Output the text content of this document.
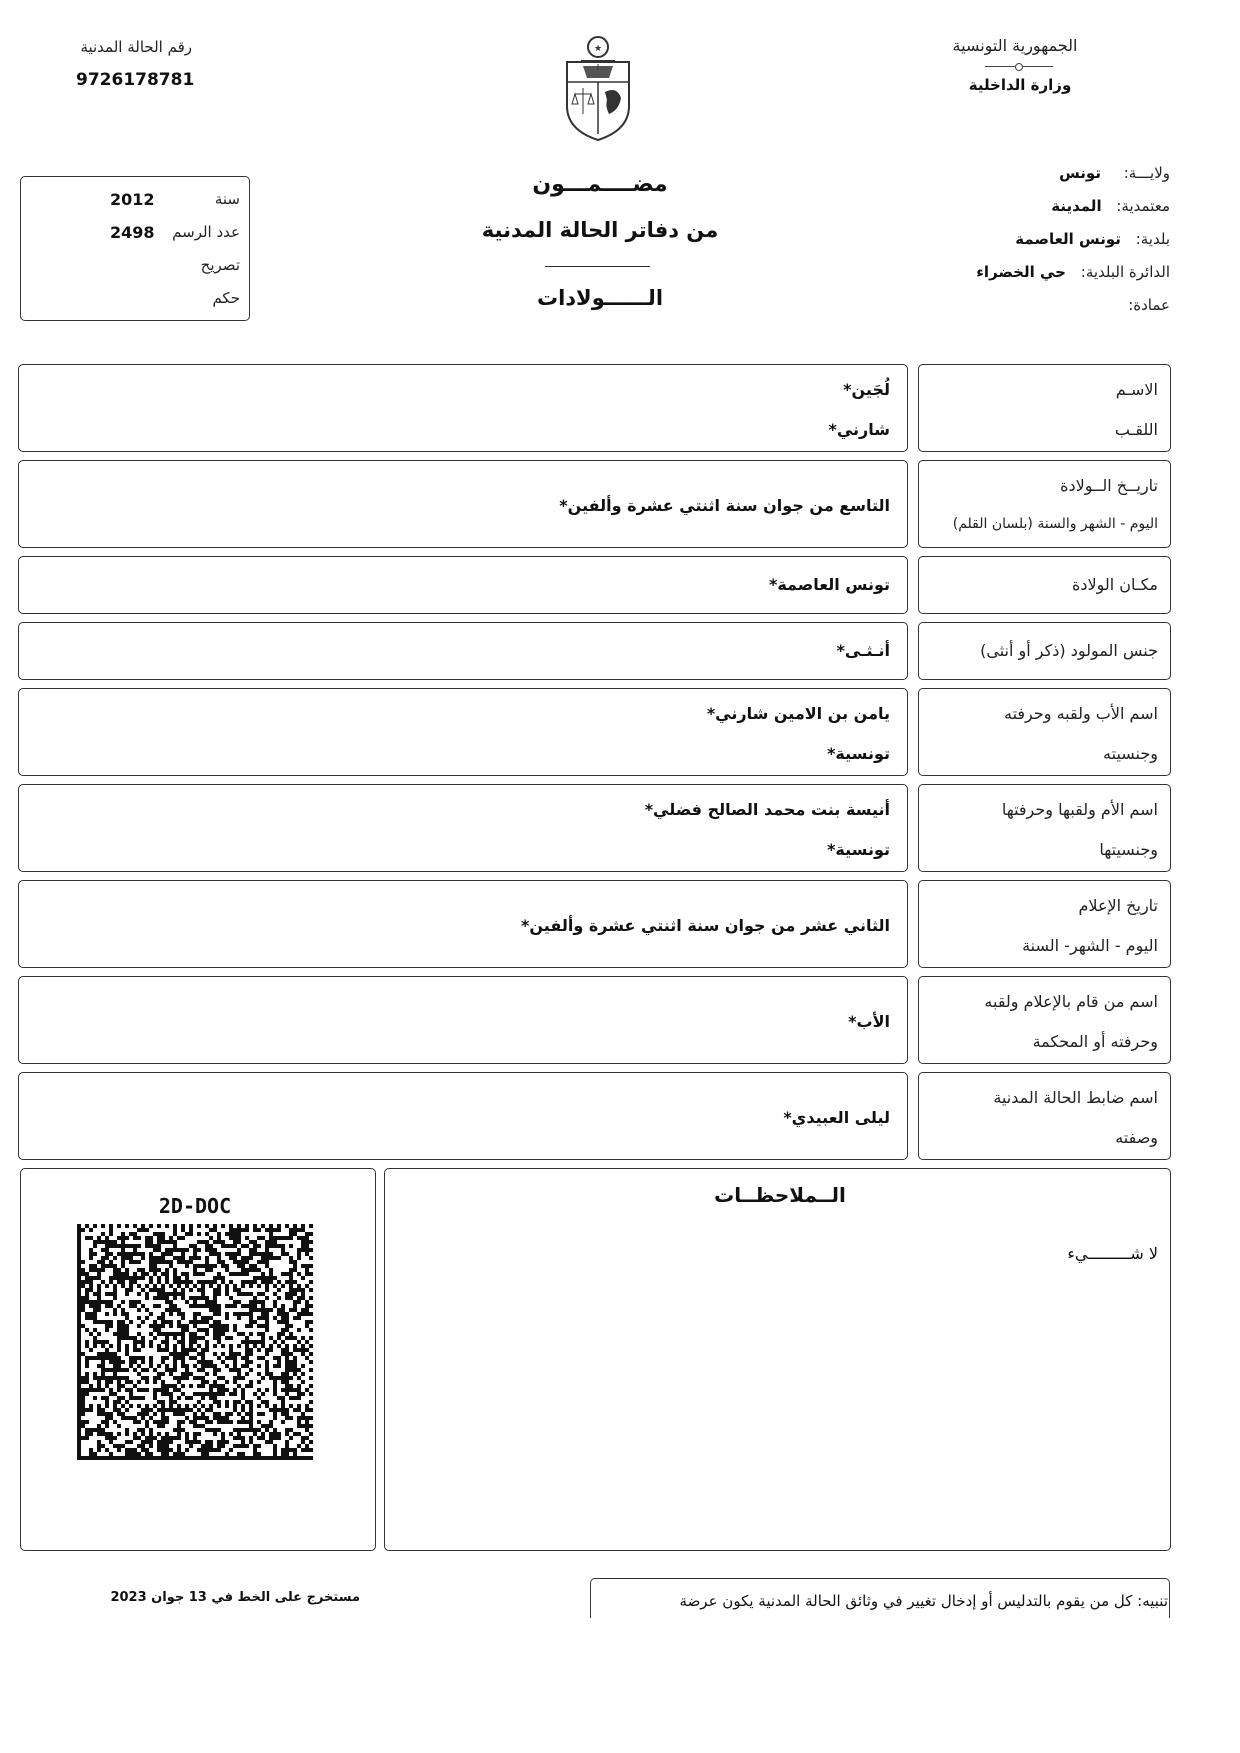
رقم الحالة المدنية
9726178781
الجمهورية التونسية
وزارة الداخلية
★
سنة
2012
عدد الرسم
2498
تصريح
حكم
مضــــمـــون
من دفاتر الحالة المدنية
الــــــولادات
ولايـــة: تونس
معتمدية: المدينة
بلدية: تونس العاصمة
الدائرة البلدية: حي الخضراء
عمادة:
الاسـم
اللقـب
لُجَين*
شارني*
تاريــخ الــولادة
اليوم - الشهر والسنة (بلسان القلم)
التاسع من جوان سنة اثنتي عشرة وألفين*
مكـان الولادة
تونس العاصمة*
جنس المولود (ذكر أو أنثى)
أنـثـى*
اسم الأب ولقبه وحرفته
وجنسيته
يامن بن الامين شارني*
تونسية*
اسم الأم ولقبها وحرفتها
وجنسيتها
أنيسة بنت محمد الصالح فضلي*
تونسية*
تاريخ الإعلام
اليوم - الشهر- السنة
الثاني عشر من جوان سنة اثنتي عشرة وألفين*
اسم من قام بالإعلام ولقبه
وحرفته أو المحكمة
الأب*
اسم ضابط الحالة المدنية
وصفته
ليلى العبيدي*
2D-DOC	الــملاحظــات
لا شـــــــــيء
مستخرج على الخط في 13 جوان 2023	تنبيه: كل من يقوم بالتدليس أو إدخال تغيير في وثائق الحالة المدنية يكون عرضة
